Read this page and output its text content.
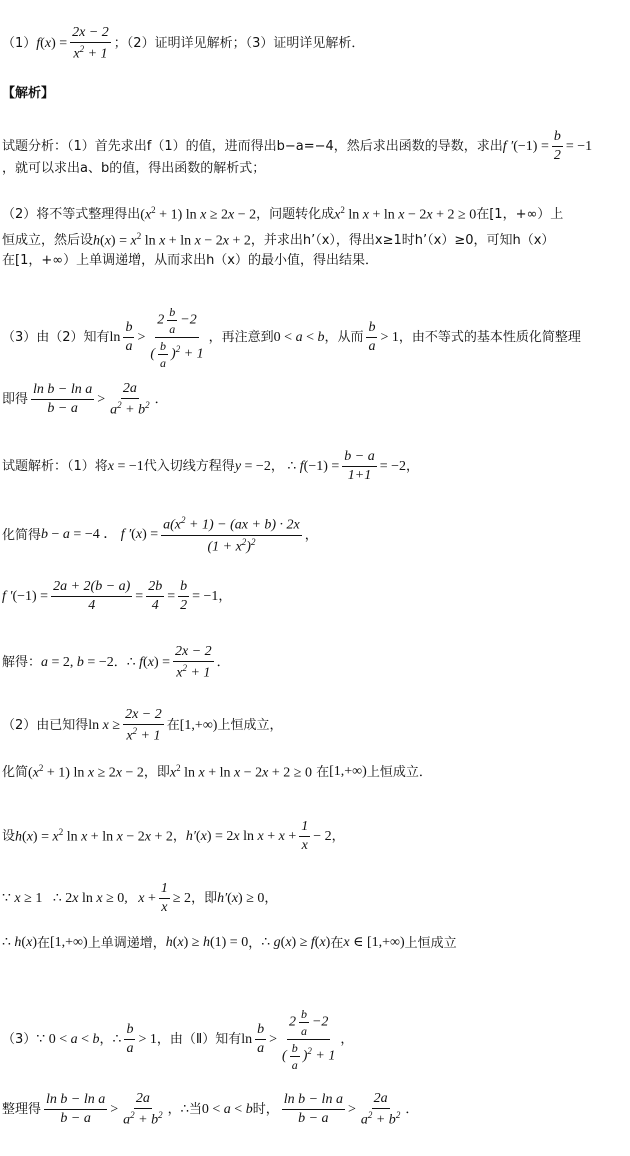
（1） f ( x ) = $\frac{2x - 2}{x^2 + 1}$ ；（2）证明详见解析；（3）证明详见解析．
【解析】
试题分析：（1）首先求出f（1）的值，进而得出b−a=−4，然后求出函数的导数，求出 f ′ $(-1) = \frac{b}{2} = -1$
，就可以求出a、b的值，得出函数的解析式；
（2）将不等式整理得出 $(x^2 + 1)$ ln x ≥ 2x − 2 ，问题转化成 $x^2$ ln x + ln x − 2x + 2 ≥ 0 在[1，+∞）上
恒成立，然后设 $h(x) = x^2$ ln x + ln x − 2x + 2 ，并求出h’（x），得出x≥1时h’（x）≥0，可知h（x）
在[1，+∞）上单调递增，从而求出h（x）的最小值，得出结果．
（3）由（2）知有 $\ln \frac{b}{a} > \frac{2 \frac{b}{a} -2}{( \frac{b}{a} )^2 + 1}$ ，再注意到 0 < a < b ，从而 $\frac{b}{a} > 1$ ，由不等式的基本性质化简整理
即得 $\frac{\text{ln b − ln a}}{b - a} > \frac{2a}{a^2 + b^2}$ ．
试题解析：（1）将 x = −1 代入切线方程得 y = −2 ， ∴ $f(-1) = \frac{b - a}{1+1} = -2$ ，
化简得 b − a = −4 ． f $'(x) = \frac{a(x^2 + 1) - (ax + b) \cdot 2x}{(1 + x^2)^2}$ ，
f $'(-1) = \frac{2a + 2(b - a)}{4} = \frac{2b}{4} = \frac{b}{2} = -1$ ，
解得： a = 2, b = −2 ． ∴ $f(x) = \frac{2x - 2}{x^2 + 1}$ ．
（2）由已知得 $\ln x \ge \frac{2x - 2}{x^2 + 1}$ 在 [1,+∞) 上恒成立，
化简 $(x^2 + 1)$ ln x ≥ 2x − 2 ，即 $x^2$ ln x + ln x − 2x + 2 ≥ 0 在 [1,+∞) 上恒成立．
设 $h(x) = x^2$ ln x + ln x − 2x + 2 ， h′(x) = 2x $\ln x + x + \frac{1}{x} - 2$ ，
∵ x ≥ 1   ∴ 2x ln x ≥ 0,   $x + \frac{1}{x} \ge 2$ ，即 h′(x) ≥ 0 ，
∴ h(x) 在 [1,+∞) 上单调递增， h(x) ≥ h(1) = 0 ， ∴ g(x) ≥ f(x) 在 x ∈ [1,+∞) 上恒成立
（3） ∵ 0 < a < b ， ∴ $\frac{b}{a} > 1$ ，由（Ⅱ）知有 $\ln \frac{b}{a} > \frac{2 \frac{b}{a} -2}{( \frac{b}{a} )^2 + 1}$ ，
整理得 $\frac{\text{ln b − ln a}}{b - a} > \frac{2a}{a^2 + b^2}$ ，∴当 0 < a < b 时， $\frac{\text{ln b − ln a}}{b - a} > \frac{2a}{a^2 + b^2}$ ．
